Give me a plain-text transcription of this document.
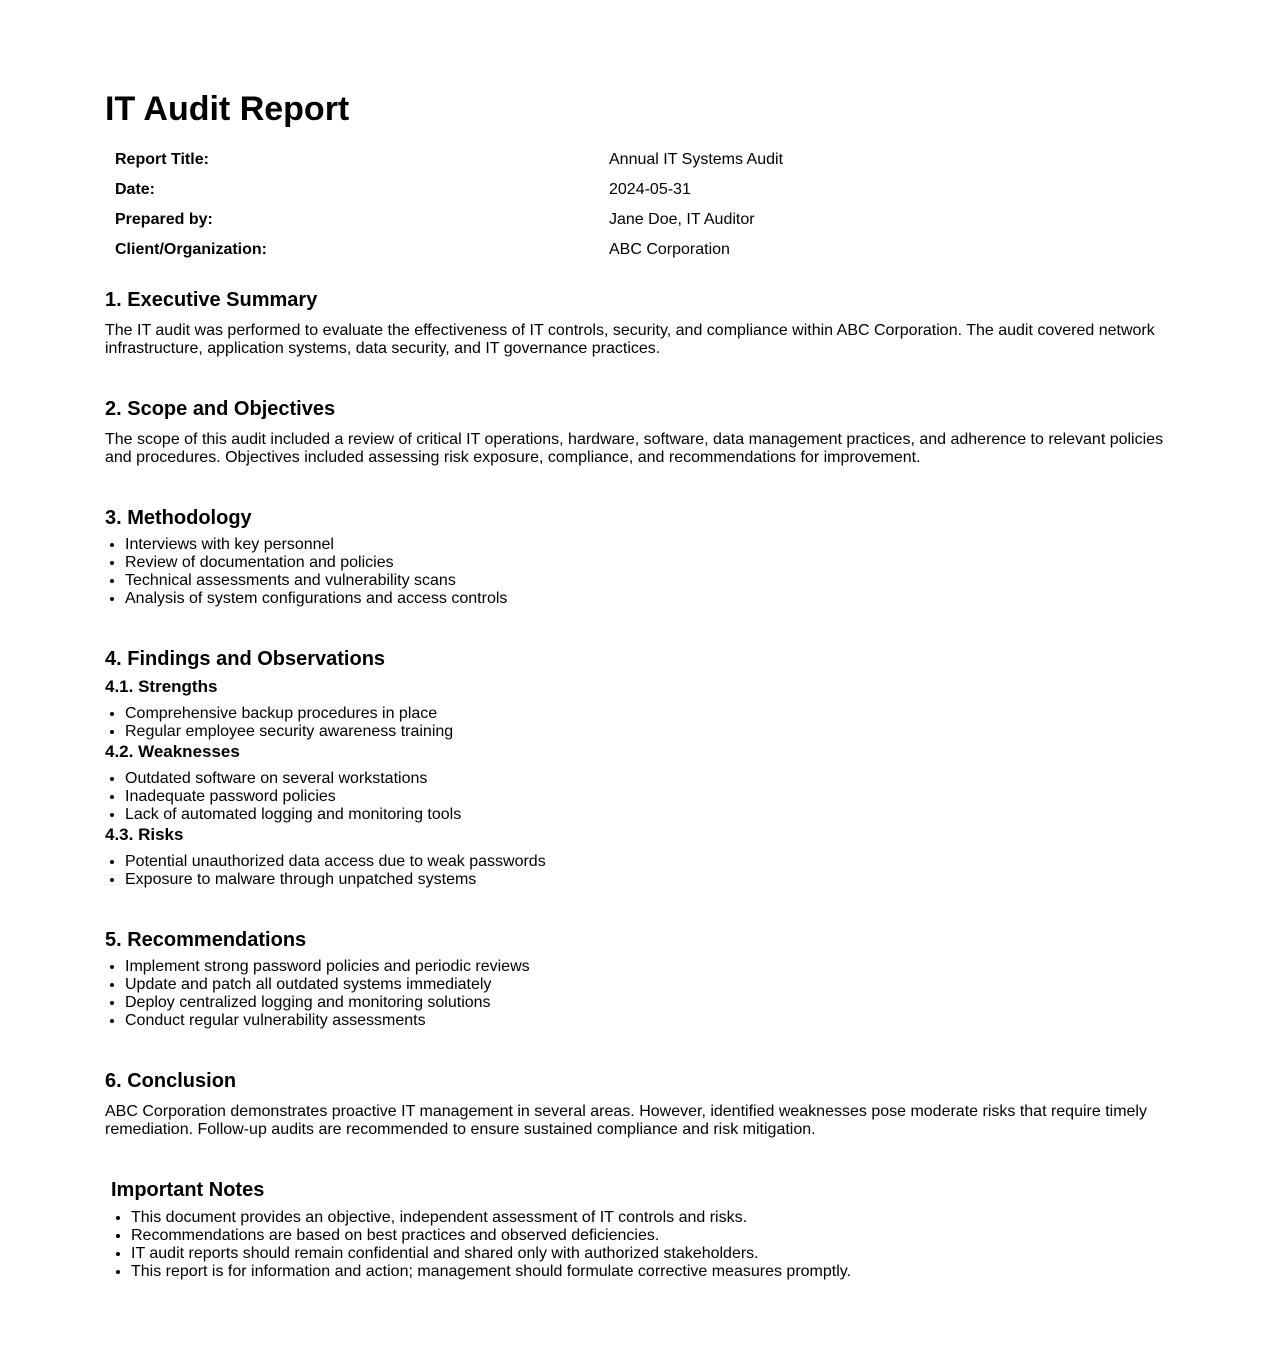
IT Audit Report
Report Title:	Annual IT Systems Audit
Date:	2024-05-31
Prepared by:	Jane Doe, IT Auditor
Client/Organization:	ABC Corporation
1. Executive Summary

The IT audit was performed to evaluate the effectiveness of IT controls, security, and compliance within ABC Corporation. The audit covered network infrastructure, application systems, data security, and IT governance practices.

2. Scope and Objectives

The scope of this audit included a review of critical IT operations, hardware, software, data management practices, and adherence to relevant policies and procedures. Objectives included assessing risk exposure, compliance, and recommendations for improvement.

3. Methodology
• Interviews with key personnel
• Review of documentation and policies
• Technical assessments and vulnerability scans
• Analysis of system configurations and access controls
4. Findings and Observations
4.1. Strengths
• Comprehensive backup procedures in place
• Regular employee security awareness training
4.2. Weaknesses
• Outdated software on several workstations
• Inadequate password policies
• Lack of automated logging and monitoring tools
4.3. Risks
• Potential unauthorized data access due to weak passwords
• Exposure to malware through unpatched systems
5. Recommendations
• Implement strong password policies and periodic reviews
• Update and patch all outdated systems immediately
• Deploy centralized logging and monitoring solutions
• Conduct regular vulnerability assessments
6. Conclusion

ABC Corporation demonstrates proactive IT management in several areas. However, identified weaknesses pose moderate risks that require timely remediation. Follow-up audits are recommended to ensure sustained compliance and risk mitigation.

Important Notes
• This document provides an objective, independent assessment of IT controls and risks.
• Recommendations are based on best practices and observed deficiencies.
• IT audit reports should remain confidential and shared only with authorized stakeholders.
• This report is for information and action; management should formulate corrective measures promptly.
